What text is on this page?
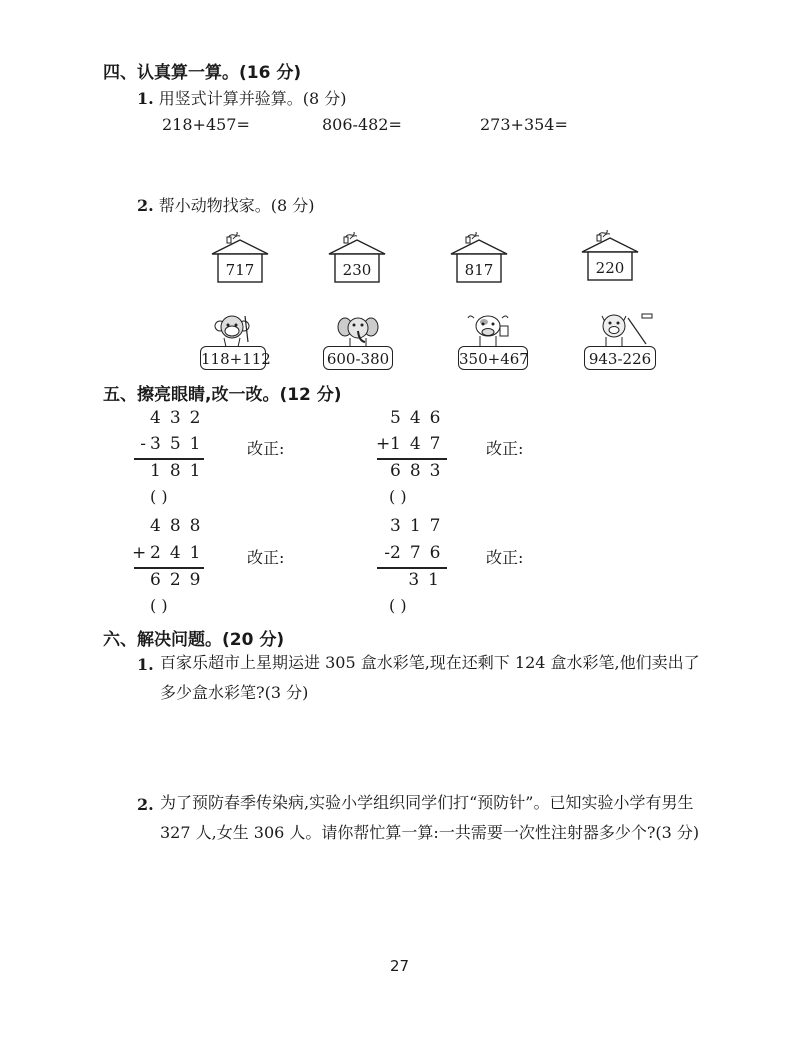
四、认真算一算。(16 分)
1. 用竖式计算并验算。(8 分)
218+457=	806-482=	273+354=
2. 帮小动物找家。(8 分)
717	230	817	220
118+112	600-380	350+467	943-226
五、擦亮眼睛,改一改。(12 分)
432
- 351
181
( )
改正:
546
+ 147
683
( )
改正:
488
+ 241
629
( )
改正:
317
- 276
31
( )
改正:
六、解决问题。(20 分)
1. 百家乐超市上星期运进 305 盒水彩笔,现在还剩下 124 盒水彩笔,他们卖出了多少盒水彩笔?(3 分)
2. 为了预防春季传染病,实验小学组织同学们打“预防针”。已知实验小学有男生 327 人,女生 306 人。请你帮忙算一算:一共需要一次性注射器多少个?(3 分)
27
